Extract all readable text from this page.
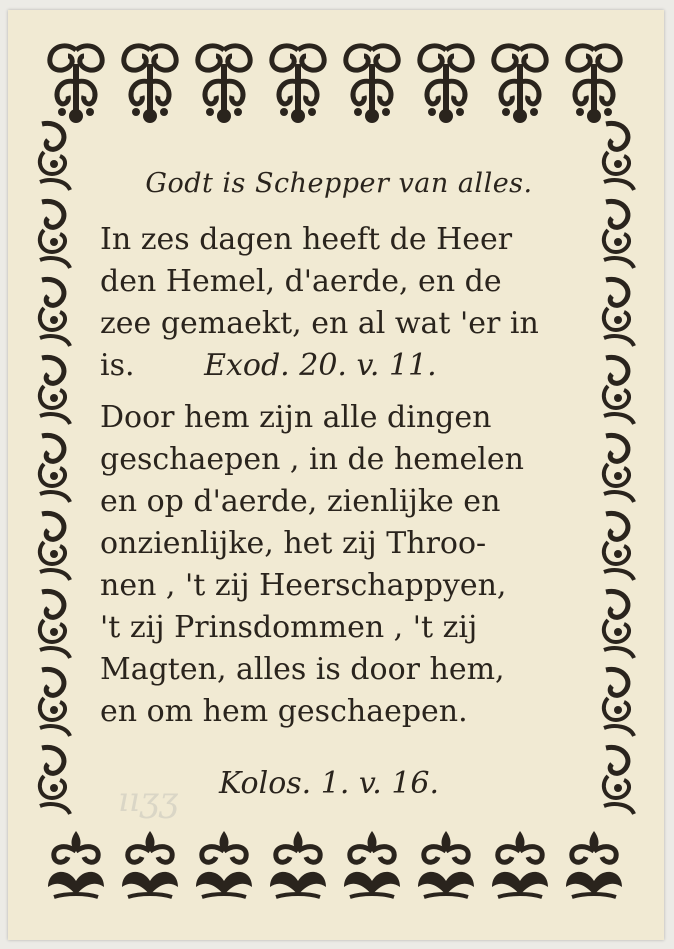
ııʒʒ

Godt is Schepper van alles.

In zes dagen heeft de Heer
den Hemel, d'aerde, en de
zee gemaekt, en al wat 'er in
is. Exod. 20. v. 11.

Door hem zijn alle dingen
geschaepen , in de hemelen
en op d'aerde, zienlijke en
onzienlijke, het zij Throo-
nen , 't zij Heerschappyen,
't zij Prinsdommen , 't zij
Magten, alles is door hem,
en om hem geschaepen.

Kolos. 1. v. 16.
